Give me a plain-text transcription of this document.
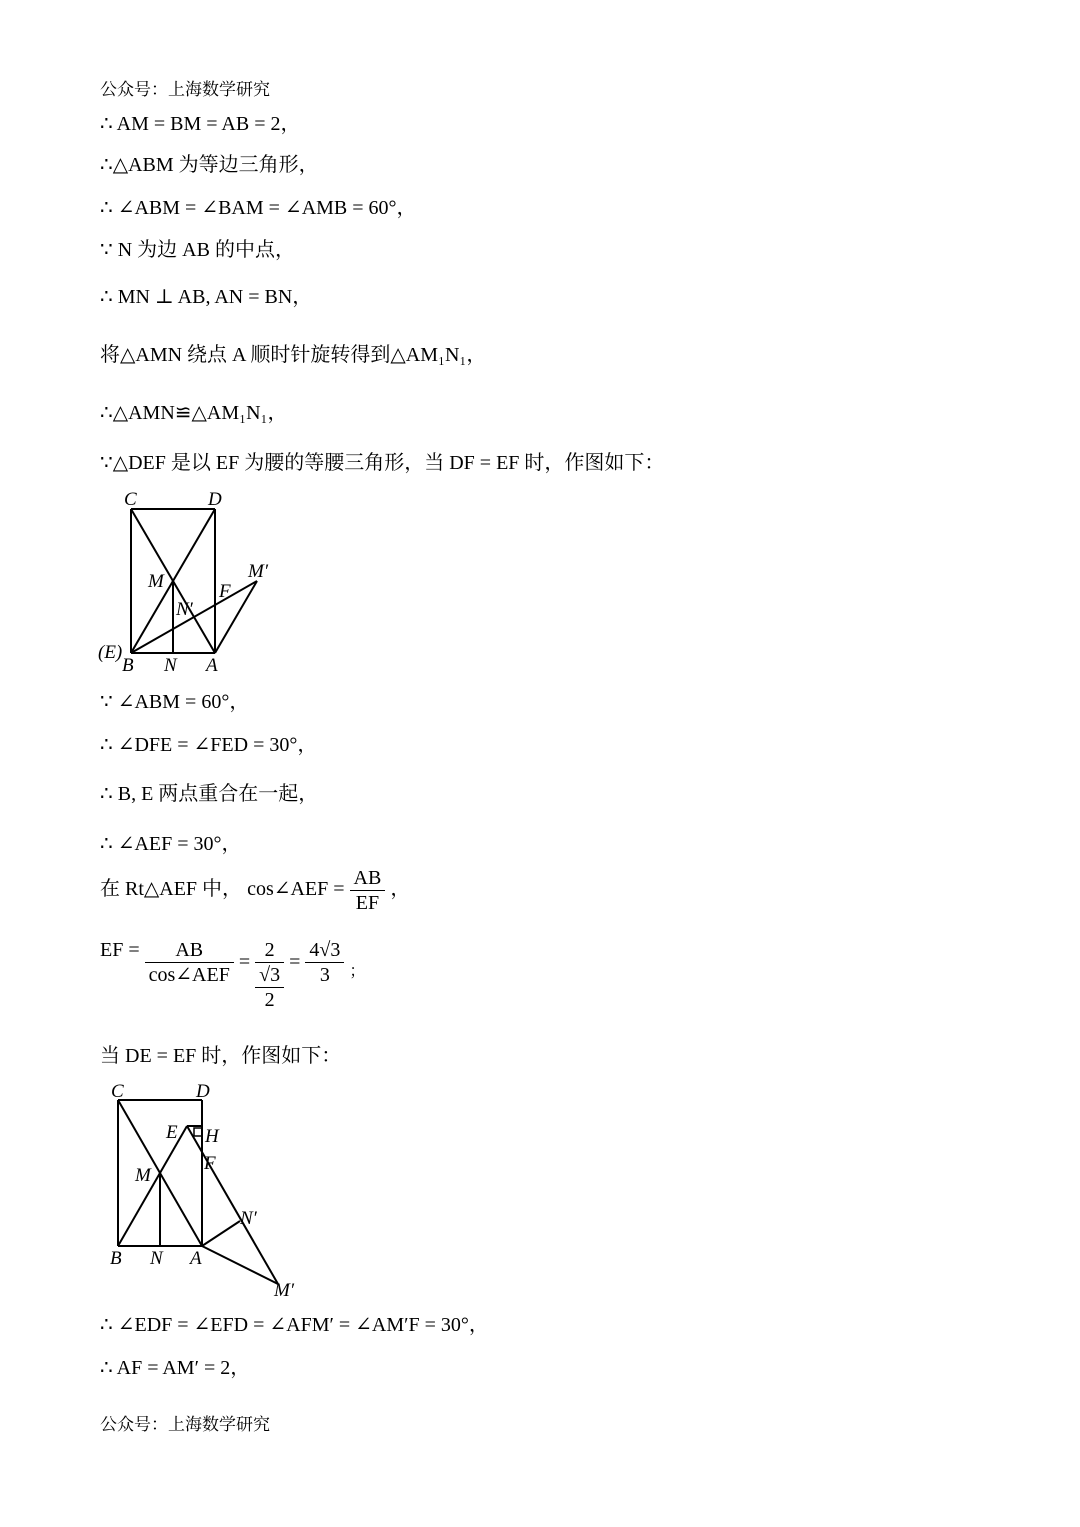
公众号：上海数学研究
∴ AM = BM = AB = 2，
∴△ABM 为等边三角形，
∴ ∠ABM = ∠BAM = ∠AMB = 60°，
∵ N 为边 AB 的中点，
∴ MN ⊥ AB, AN = BN，
将△AMN 绕点 A 顺时针旋转得到△AM₁N₁，
∴△AMN≌△AM₁N₁，
∵△DEF 是以 EF 为腰的等腰三角形，当 DF = EF 时，作图如下：
C	D
M	M′
F
N′
(E)
B N A
∵ ∠ABM = 60°，
∴ ∠DFE = ∠FED = 30°，
∴ B, E 两点重合在一起，
∴ ∠AEF = 30°，
在 Rt△AEF 中， cos∠AEF = $\frac{AB}{EF}$ ，
EF = $\frac{AB}{\text{cos∠AEF}}$ =
2
√3
2
= $\frac{4√3}{3}$ ；
当 DE = EF 时，作图如下：
C	D
E H
F
M
N′
B N A
M′
∴ ∠EDF = ∠EFD = ∠AFM′ = ∠AM′F = 30°，
∴ AF = AM′ = 2，
公众号：上海数学研究
